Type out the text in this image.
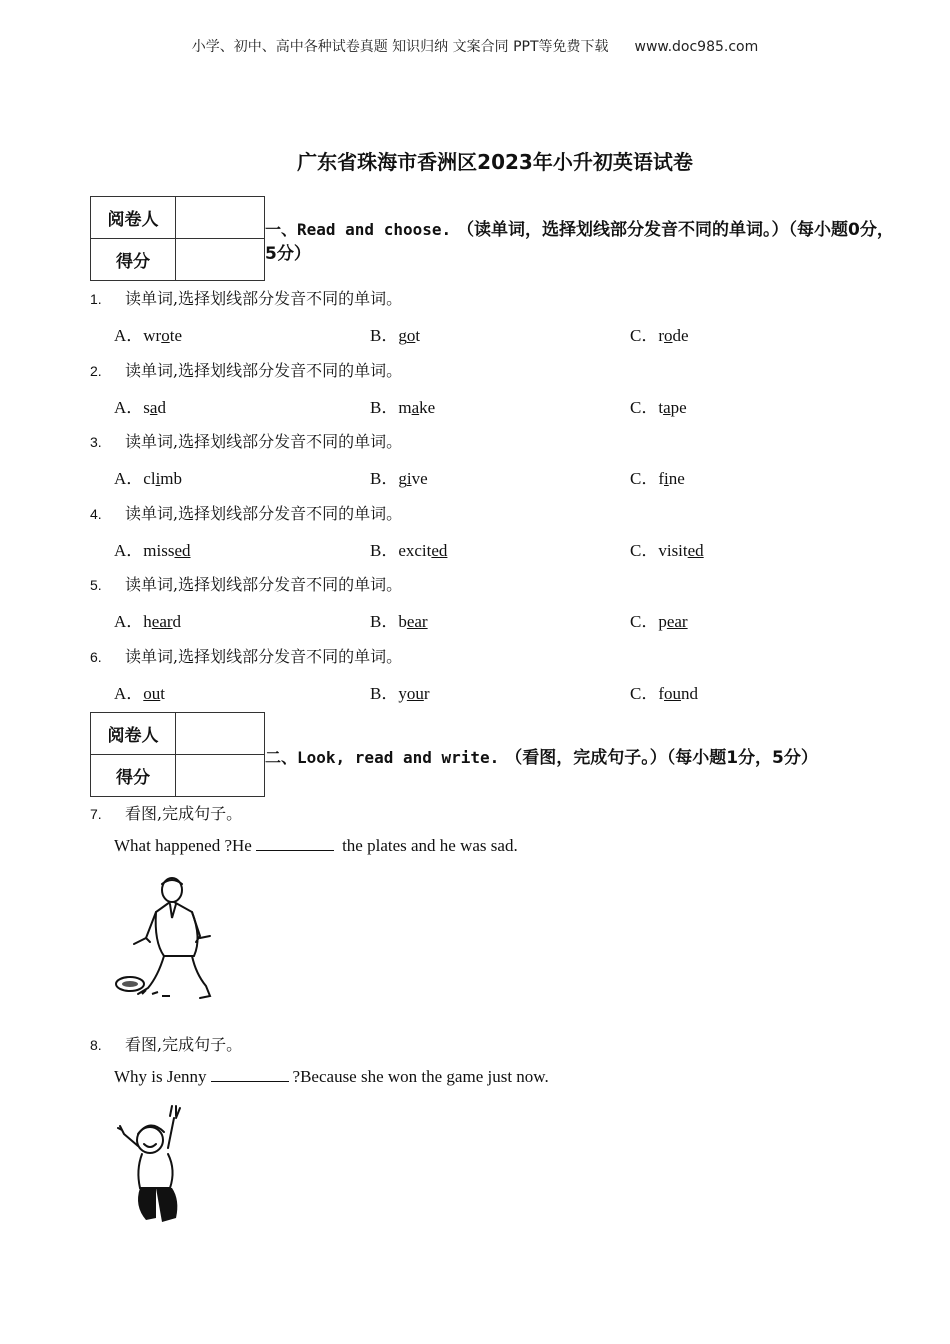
小学、初中、高中各种试卷真题 知识归纳 文案合同 PPT等免费下载 www.doc985.com
广东省珠海市香洲区2023年小升初英语试卷
阅卷人	
得分	
一、Read and choose. （读单词，选择划线部分发音不同的单词。）（每小题0分，5分）
1. 读单词,选择划线部分发音不同的单词。
A．wrote	B．got	C．rode
2. 读单词,选择划线部分发音不同的单词。
A．sad	B．make	C．tape
3. 读单词,选择划线部分发音不同的单词。
A．climb	B．give	C．fine
4. 读单词,选择划线部分发音不同的单词。
A．missed	B．excited	C．visited
5. 读单词,选择划线部分发音不同的单词。
A．heard	B．bear	C．pear
6. 读单词,选择划线部分发音不同的单词。
A．out	B．your	C．found
阅卷人	
得分	
二、Look, read and write. （看图，完成句子。）（每小题1分，5分）
7. 看图,完成句子。
What happened ?He	the plates and he was sad.
8. 看图,完成句子。
Why is Jenny	?Because she won the game just now.
